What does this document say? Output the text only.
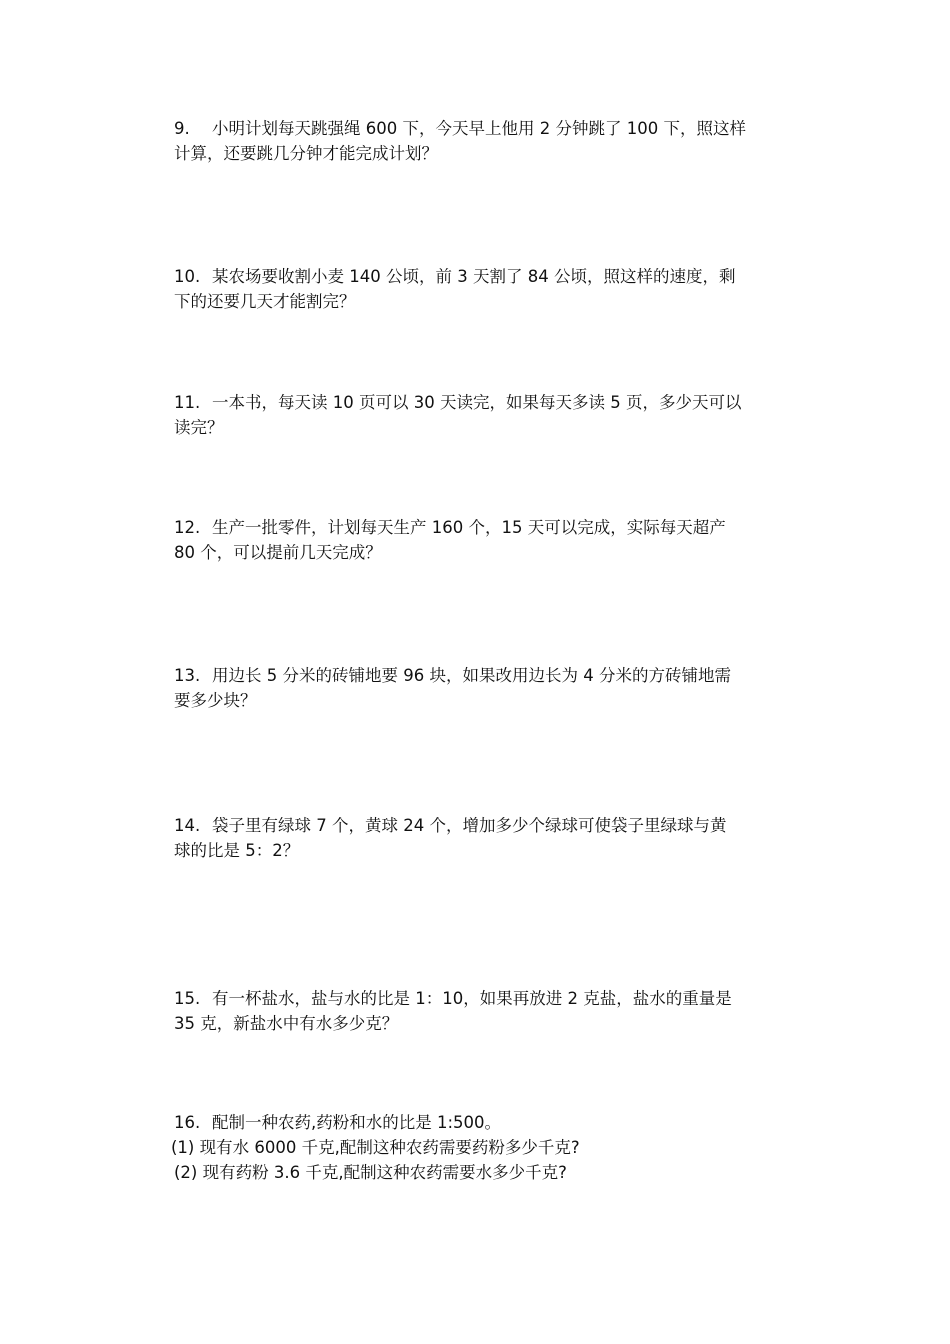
9. 小明计划每天跳强绳 600 下，今天早上他用 2 分钟跳了 100 下，照这样
计算，还要跳几分钟才能完成计划？
10. 某农场要收割小麦 140 公顷，前 3 天割了 84 公顷，照这样的速度，剩
下的还要几天才能割完？
11. 一本书，每天读 10 页可以 30 天读完，如果每天多读 5 页，多少天可以
读完？
12. 生产一批零件，计划每天生产 160 个，15 天可以完成，实际每天超产
80 个，可以提前几天完成？
13. 用边长 5 分米的砖铺地要 96 块，如果改用边长为 4 分米的方砖铺地需
要多少块？
14. 袋子里有绿球 7 个，黄球 24 个，增加多少个绿球可使袋子里绿球与黄
球的比是 5：2？
15. 有一杯盐水，盐与水的比是 1：10，如果再放进 2 克盐，盐水的重量是
35 克，新盐水中有水多少克？
16. 配制一种农药,药粉和水的比是 1:500。
(1) 现有水 6000 千克,配制这种农药需要药粉多少千克?
(2) 现有药粉 3.6 千克,配制这种农药需要水多少千克?
